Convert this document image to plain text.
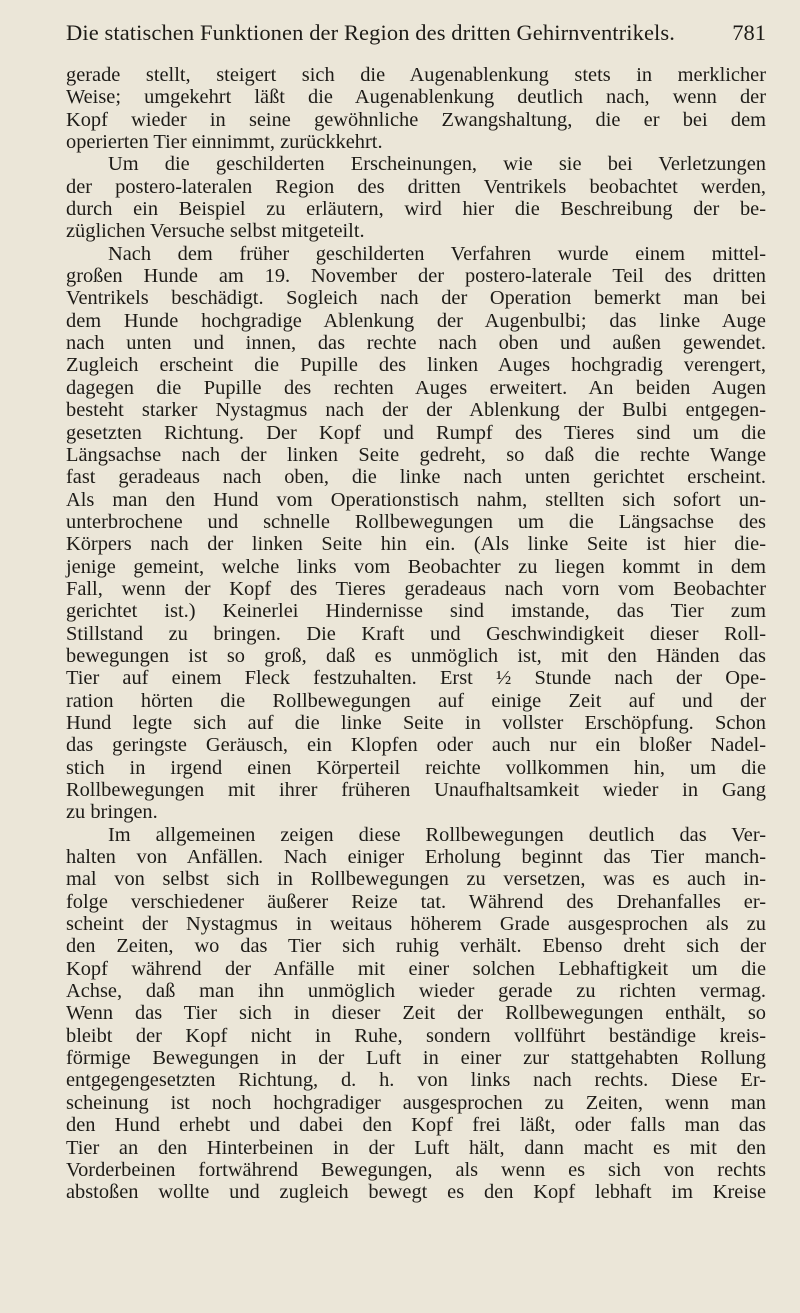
Die statischen Funktionen der Region des dritten Gehirnventrikels.	781
gerade stellt, steigert sich die Augenablenkung stets in merklicher
Weise; umgekehrt läßt die Augenablenkung deutlich nach, wenn der
Kopf wieder in seine gewöhnliche Zwangshaltung, die er bei dem
operierten Tier einnimmt, zurückkehrt.
Um die geschilderten Erscheinungen, wie sie bei Verletzungen
der postero-lateralen Region des dritten Ventrikels beobachtet werden,
durch ein Beispiel zu erläutern, wird hier die Beschreibung der be-
züglichen Versuche selbst mitgeteilt.
Nach dem früher geschilderten Verfahren wurde einem mittel-
großen Hunde am 19. November der postero-laterale Teil des dritten
Ventrikels beschädigt. Sogleich nach der Operation bemerkt man bei
dem Hunde hochgradige Ablenkung der Augenbulbi; das linke Auge
nach unten und innen, das rechte nach oben und außen gewendet.
Zugleich erscheint die Pupille des linken Auges hochgradig verengert,
dagegen die Pupille des rechten Auges erweitert. An beiden Augen
besteht starker Nystagmus nach der der Ablenkung der Bulbi entgegen-
gesetzten Richtung. Der Kopf und Rumpf des Tieres sind um die
Längsachse nach der linken Seite gedreht, so daß die rechte Wange
fast geradeaus nach oben, die linke nach unten gerichtet erscheint.
Als man den Hund vom Operationstisch nahm, stellten sich sofort un-
unterbrochene und schnelle Rollbewegungen um die Längsachse des
Körpers nach der linken Seite hin ein. (Als linke Seite ist hier die-
jenige gemeint, welche links vom Beobachter zu liegen kommt in dem
Fall, wenn der Kopf des Tieres geradeaus nach vorn vom Beobachter
gerichtet ist.) Keinerlei Hindernisse sind imstande, das Tier zum
Stillstand zu bringen. Die Kraft und Geschwindigkeit dieser Roll-
bewegungen ist so groß, daß es unmöglich ist, mit den Händen das
Tier auf einem Fleck festzuhalten. Erst ½ Stunde nach der Ope-
ration hörten die Rollbewegungen auf einige Zeit auf und der
Hund legte sich auf die linke Seite in vollster Erschöpfung. Schon
das geringste Geräusch, ein Klopfen oder auch nur ein bloßer Nadel-
stich in irgend einen Körperteil reichte vollkommen hin, um die
Rollbewegungen mit ihrer früheren Unaufhaltsamkeit wieder in Gang
zu bringen.
Im allgemeinen zeigen diese Rollbewegungen deutlich das Ver-
halten von Anfällen. Nach einiger Erholung beginnt das Tier manch-
mal von selbst sich in Rollbewegungen zu versetzen, was es auch in-
folge verschiedener äußerer Reize tat. Während des Drehanfalles er-
scheint der Nystagmus in weitaus höherem Grade ausgesprochen als zu
den Zeiten, wo das Tier sich ruhig verhält. Ebenso dreht sich der
Kopf während der Anfälle mit einer solchen Lebhaftigkeit um die
Achse, daß man ihn unmöglich wieder gerade zu richten vermag.
Wenn das Tier sich in dieser Zeit der Rollbewegungen enthält, so
bleibt der Kopf nicht in Ruhe, sondern vollführt beständige kreis-
förmige Bewegungen in der Luft in einer zur stattgehabten Rollung
entgegengesetzten Richtung, d. h. von links nach rechts. Diese Er-
scheinung ist noch hochgradiger ausgesprochen zu Zeiten, wenn man
den Hund erhebt und dabei den Kopf frei läßt, oder falls man das
Tier an den Hinterbeinen in der Luft hält, dann macht es mit den
Vorderbeinen fortwährend Bewegungen, als wenn es sich von rechts
abstoßen wollte und zugleich bewegt es den Kopf lebhaft im Kreise
